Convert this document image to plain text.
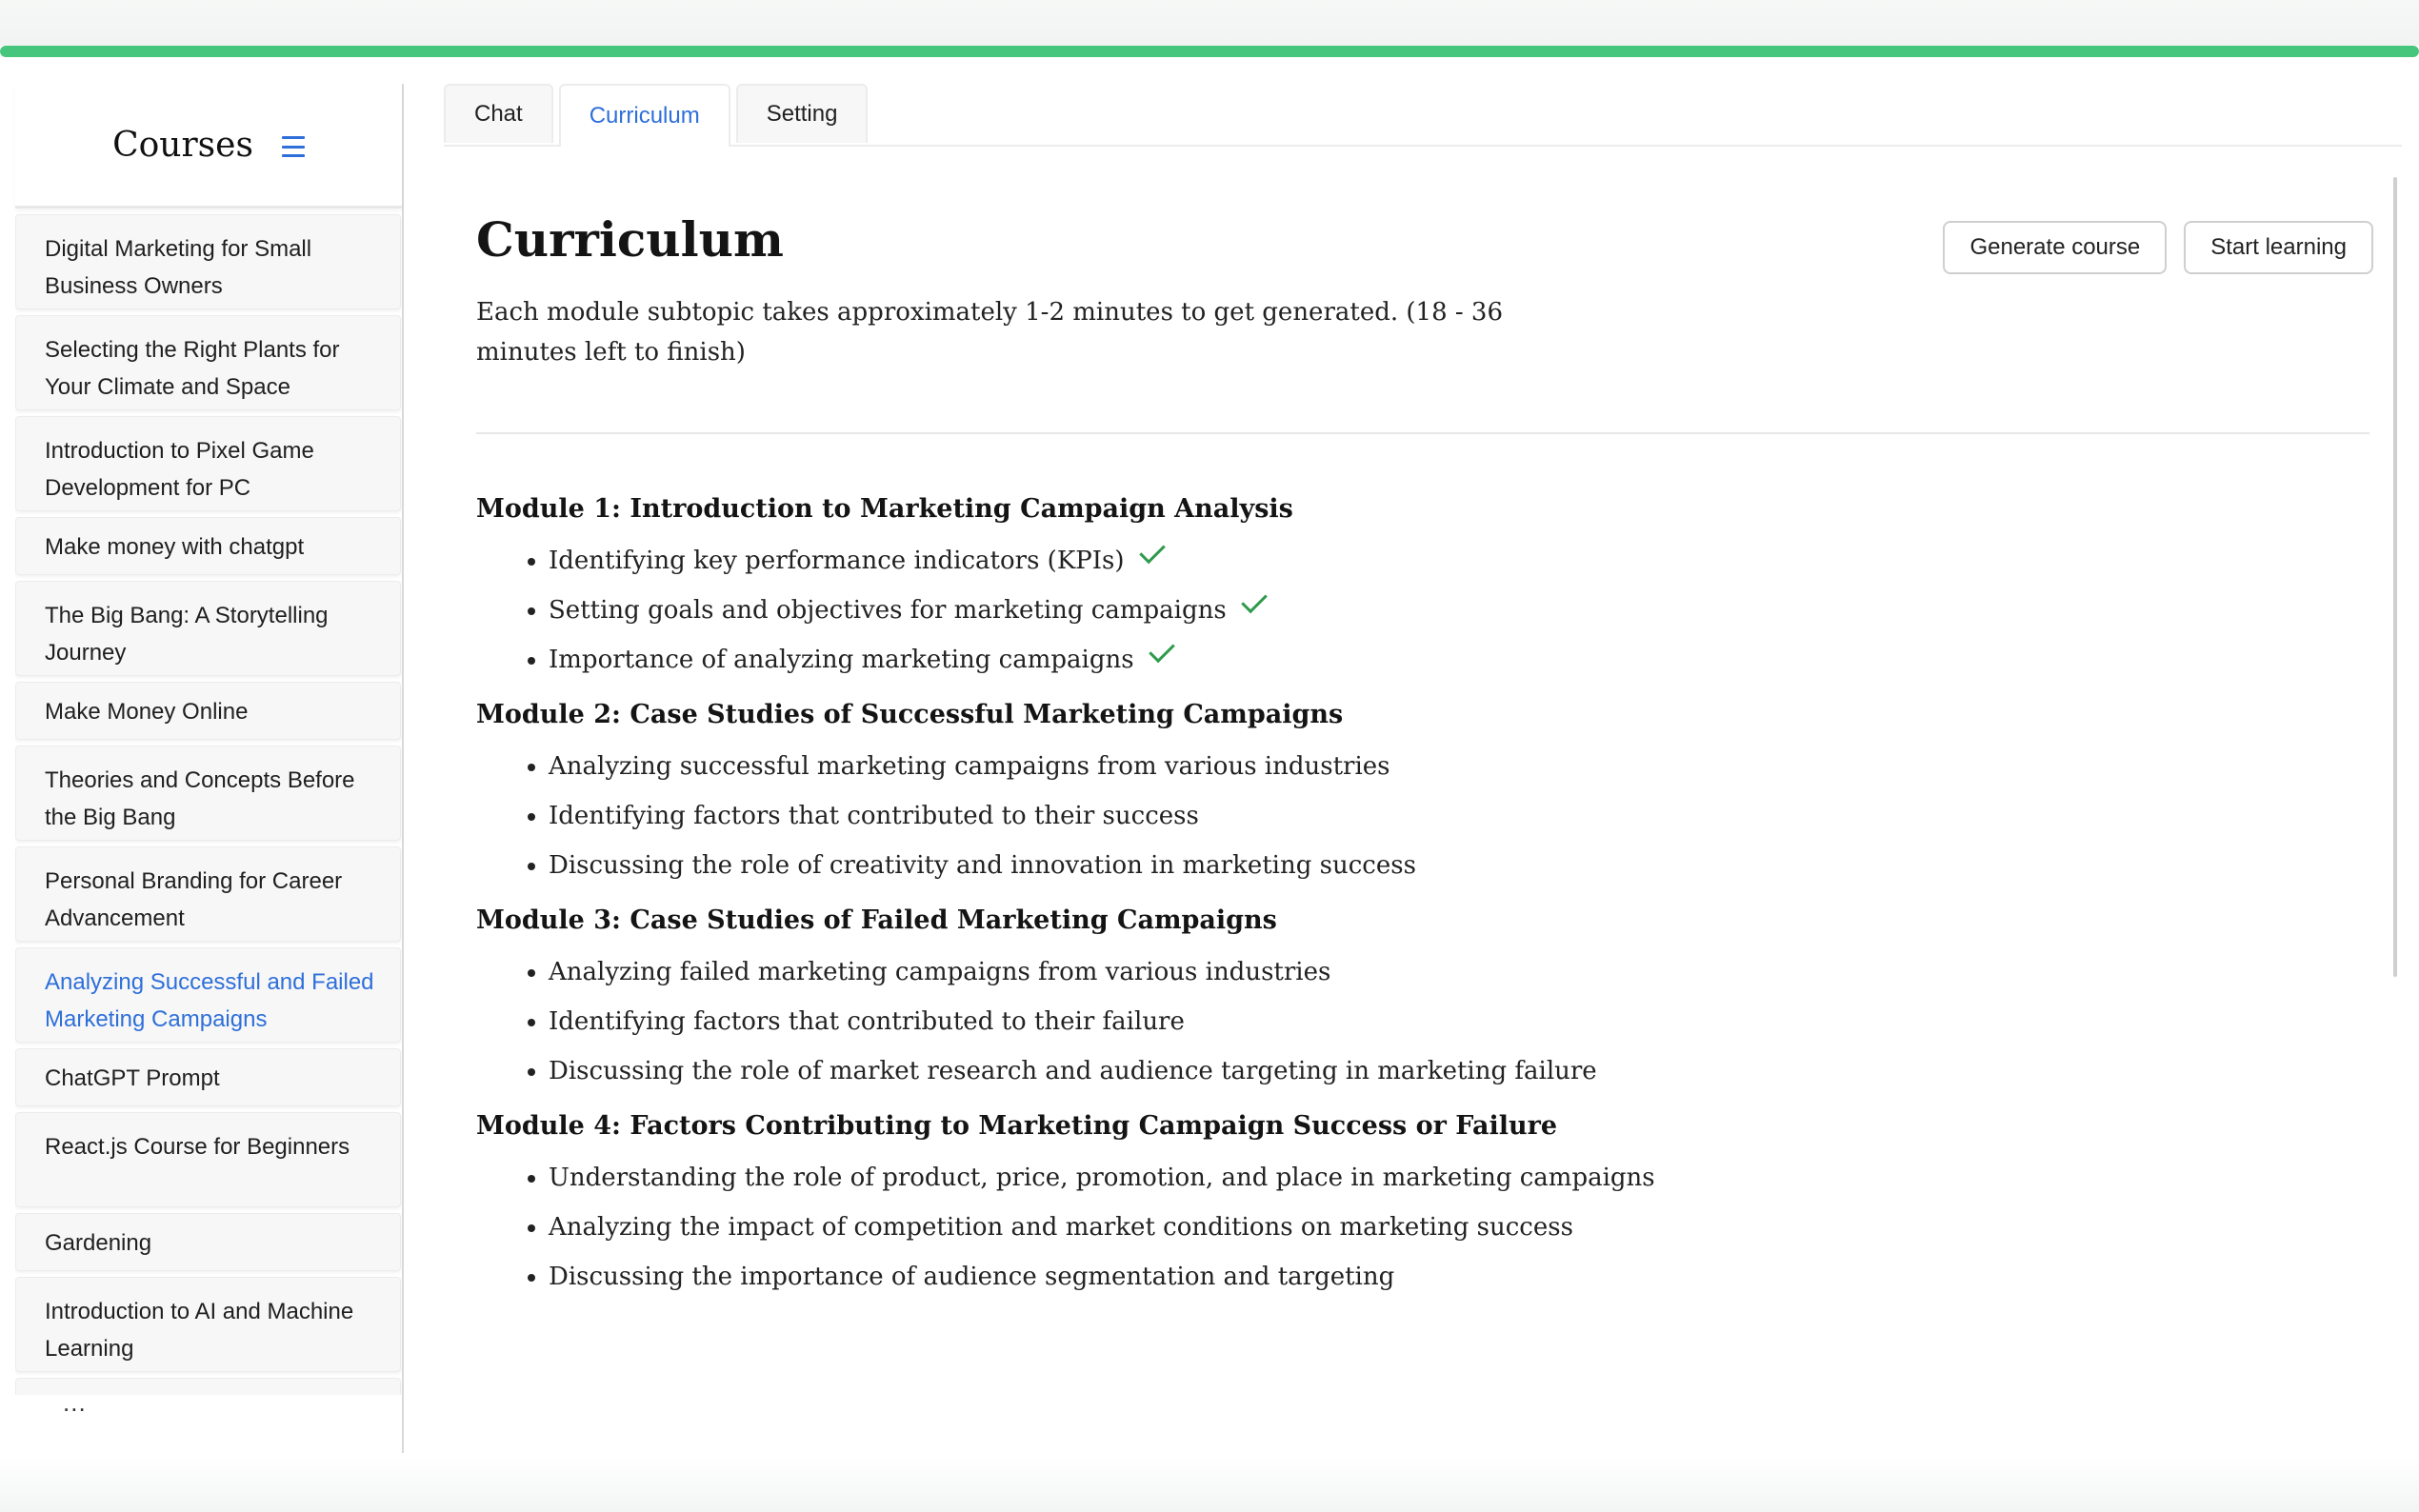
Courses
Digital Marketing for Small Business Owners
Selecting the Right Plants for Your Climate and Space
Introduction to Pixel Game Development for PC
Make money with chatgpt
The Big Bang: A Storytelling Journey
Make Money Online
Theories and Concepts Before the Big Bang
Personal Branding for Career Advancement
Analyzing Successful and Failed Marketing Campaigns
ChatGPT Prompt
React.js Course for Beginners
Gardening
Introduction to AI and Machine Learning
...
Chat	Curriculum	Setting
Curriculum	Generate course	Start learning

Each module subtopic takes approximately 1-2 minutes to get generated. (18 - 36 minutes left to finish)

Module 1: Introduction to Marketing Campaign Analysis
• Identifying key performance indicators (KPIs)
• Setting goals and objectives for marketing campaigns
• Importance of analyzing marketing campaigns
Module 2: Case Studies of Successful Marketing Campaigns
• Analyzing successful marketing campaigns from various industries
• Identifying factors that contributed to their success
• Discussing the role of creativity and innovation in marketing success
Module 3: Case Studies of Failed Marketing Campaigns
• Analyzing failed marketing campaigns from various industries
• Identifying factors that contributed to their failure
• Discussing the role of market research and audience targeting in marketing failure
Module 4: Factors Contributing to Marketing Campaign Success or Failure
• Understanding the role of product, price, promotion, and place in marketing campaigns
• Analyzing the impact of competition and market conditions on marketing success
• Discussing the importance of audience segmentation and targeting
